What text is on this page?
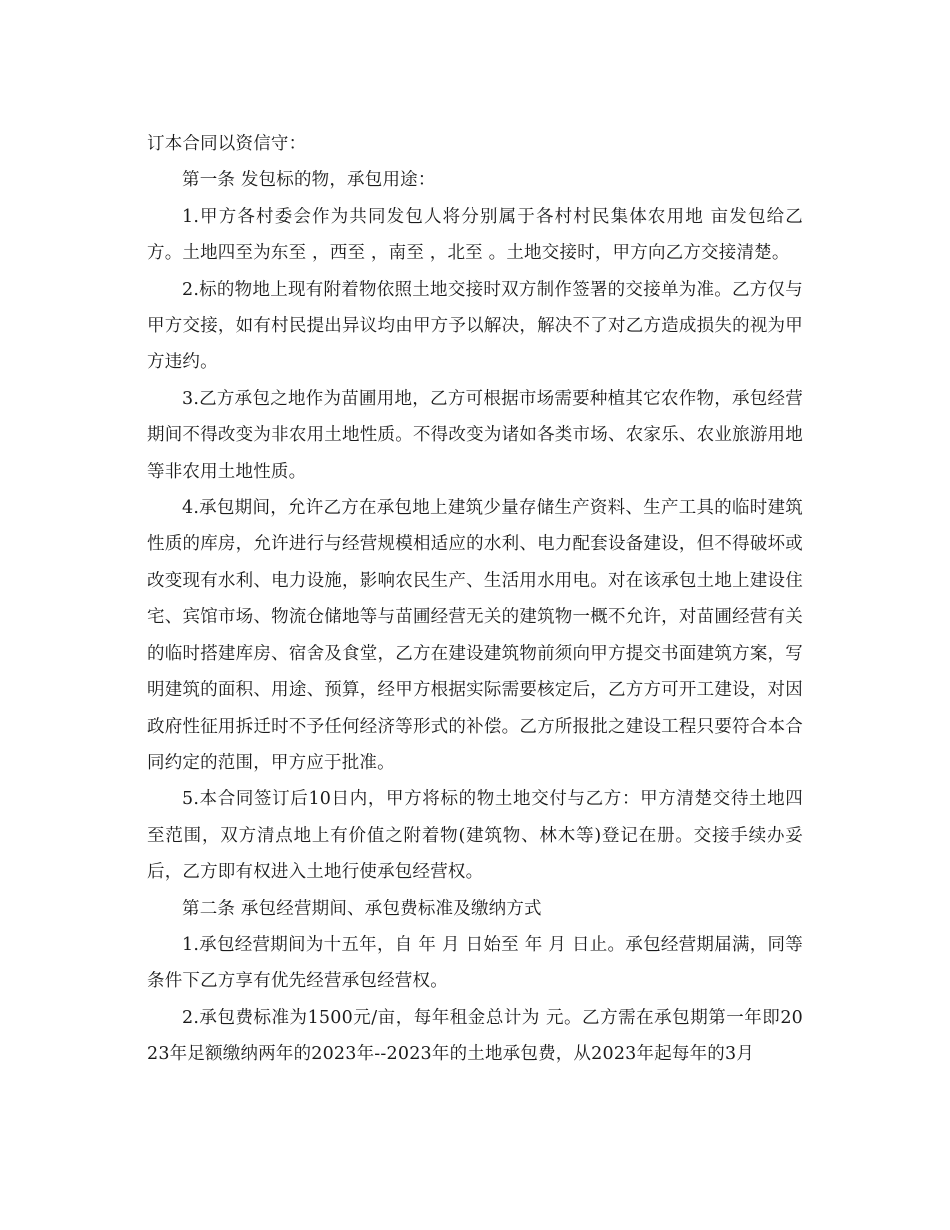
订本合同以资信守：

第一条 发包标的物，承包用途：

1.甲方各村委会作为共同发包人将分别属于各村村民集体农用地 亩发包给乙方。土地四至为东至 ，西至 ，南至 ，北至 。土地交接时，甲方向乙方交接清楚。

2.标的物地上现有附着物依照土地交接时双方制作签署的交接单为准。乙方仅与甲方交接，如有村民提出异议均由甲方予以解决，解决不了对乙方造成损失的视为甲方违约。

3.乙方承包之地作为苗圃用地，乙方可根据市场需要种植其它农作物，承包经营期间不得改变为非农用土地性质。不得改变为诸如各类市场、农家乐、农业旅游用地等非农用土地性质。

4.承包期间，允许乙方在承包地上建筑少量存储生产资料、生产工具的临时建筑性质的库房，允许进行与经营规模相适应的水利、电力配套设备建设，但不得破坏或改变现有水利、电力设施，影响农民生产、生活用水用电。对在该承包土地上建设住宅、宾馆市场、物流仓储地等与苗圃经营无关的建筑物一概不允许，对苗圃经营有关的临时搭建库房、宿舍及食堂，乙方在建设建筑物前须向甲方提交书面建筑方案，写明建筑的面积、用途、预算，经甲方根据实际需要核定后，乙方方可开工建设，对因政府性征用拆迁时不予任何经济等形式的补偿。乙方所报批之建设工程只要符合本合同约定的范围，甲方应于批准。

5.本合同签订后10日内，甲方将标的物土地交付与乙方：甲方清楚交待土地四至范围，双方清点地上有价值之附着物(建筑物、林木等)登记在册。交接手续办妥后，乙方即有权进入土地行使承包经营权。

第二条 承包经营期间、承包费标准及缴纳方式

1.承包经营期间为十五年，自 年 月 日始至 年 月 日止。承包经营期届满，同等条件下乙方享有优先经营承包经营权。

2.承包费标准为1500元/亩，每年租金总计为 元。乙方需在承包期第一年即2023年足额缴纳两年的2023年--2023年的土地承包费，从2023年起每年的3月
